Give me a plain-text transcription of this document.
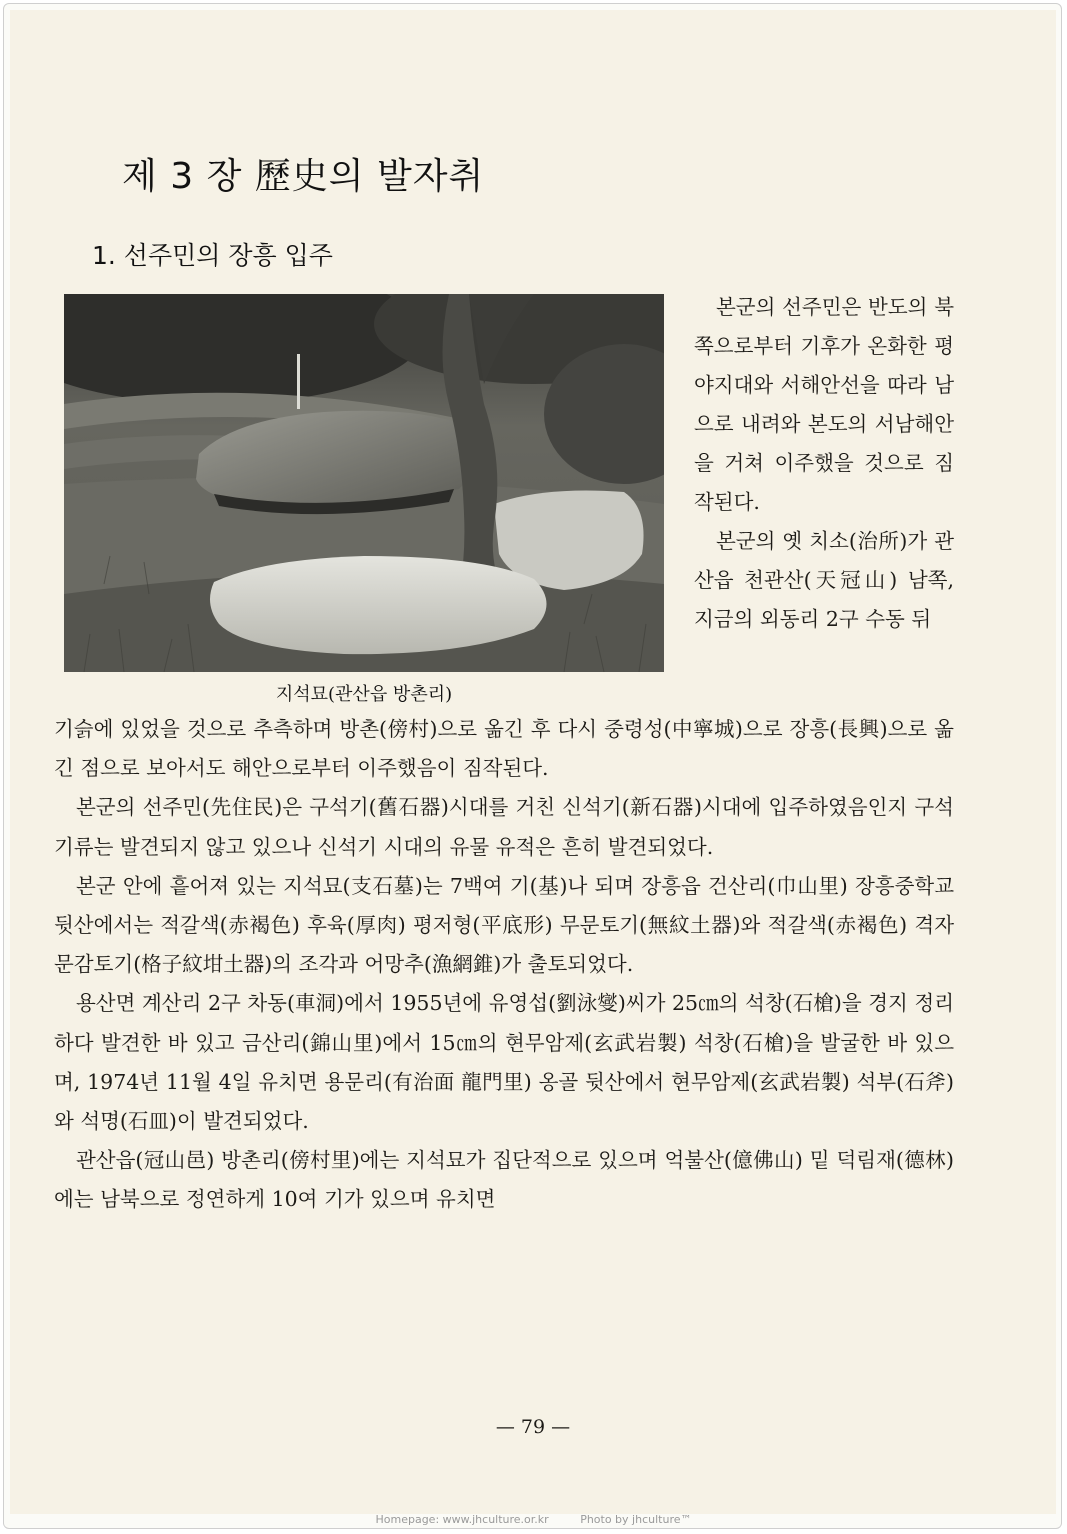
제 3 장 歷史의 발자취
1. 선주민의 장흥 입주
지석묘(관산읍 방촌리)

본군의 선주민은 반도의 북쪽으로부터 기후가 온화한 평야지대와 서해안선을 따라 남으로 내려와 본도의 서남해안을 거쳐 이주했을 것으로 짐작된다.

본군의 옛 치소(治所)가 관산읍 천관산(天冠山) 남쪽, 지금의 외동리 2구 수동 뒤

기슭에 있었을 것으로 추측하며 방촌(傍村)으로 옮긴 후 다시 중령성(中寧城)으로 장흥(長興)으로 옮긴 점으로 보아서도 해안으로부터 이주했음이 짐작된다.

본군의 선주민(先住民)은 구석기(舊石器)시대를 거친 신석기(新石器)시대에 입주하였음인지 구석기류는 발견되지 않고 있으나 신석기 시대의 유물 유적은 흔히 발견되었다.

본군 안에 흩어져 있는 지석묘(支石墓)는 7백여 기(基)나 되며 장흥읍 건산리(巾山里) 장흥중학교 뒷산에서는 적갈색(赤褐色) 후육(厚肉) 평저형(平底形) 무문토기(無紋土器)와 적갈색(赤褐色) 격자문감토기(格子紋坩土器)의 조각과 어망추(漁網錐)가 출토되었다.

용산면 계산리 2구 차동(車洞)에서 1955년에 유영섭(劉泳燮)씨가 25㎝의 석창(石槍)을 경지 정리하다 발견한 바 있고 금산리(錦山里)에서 15㎝의 현무암제(玄武岩製) 석창(石槍)을 발굴한 바 있으며, 1974년 11월 4일 유치면 용문리(有治面 龍門里) 옹골 뒷산에서 현무암제(玄武岩製) 석부(石斧)와 석명(石皿)이 발견되었다.

관산읍(冠山邑) 방촌리(傍村里)에는 지석묘가 집단적으로 있으며 억불산(億佛山) 밑 덕림재(德林)에는 남북으로 정연하게 10여 기가 있으며 유치면

— 79 —
Homepage: www.jhculture.or.kr	Photo by jhculture™
